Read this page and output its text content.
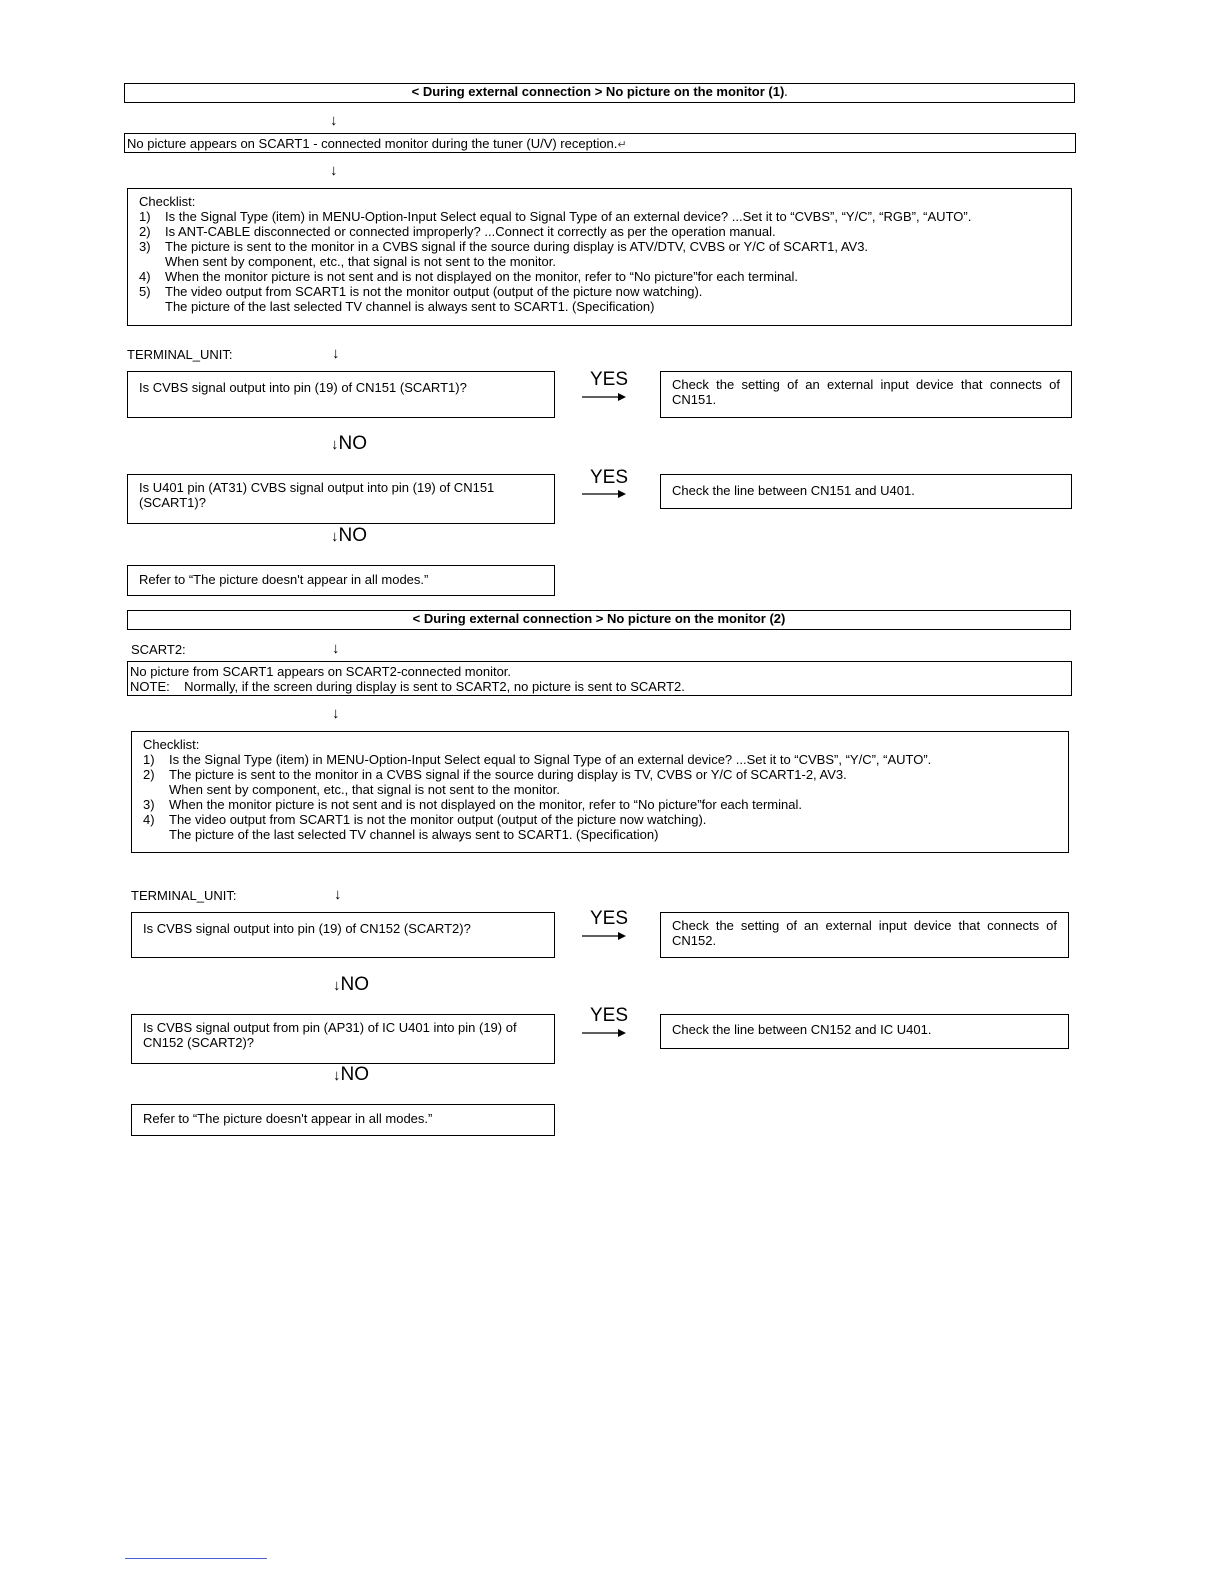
< During external connection > No picture on the monitor (1).
↓
No picture appears on SCART1 - connected monitor during the tuner (U/V) reception.↵
↓
Checklist:
1)	Is the Signal Type (item) in MENU-Option-Input Select equal to Signal Type of an external device? ...Set it to “CVBS”, “Y/C”, “RGB”, “AUTO”.
2)	Is ANT-CABLE disconnected or connected improperly? ...Connect it correctly as per the operation manual.
3)	The picture is sent to the monitor in a CVBS signal if the source during display is ATV/DTV, CVBS or Y/C of SCART1, AV3.
When sent by component, etc., that signal is not sent to the monitor.
4)	When the monitor picture is not sent and is not displayed on the monitor, refer to “No picture”for each terminal.
5)	The video output from SCART1 is not the monitor output (output of the picture now watching).
The picture of the last selected TV channel is always sent to SCART1. (Specification)
TERMINAL_UNIT:	↓
Is CVBS signal output into pin (19) of CN151 (SCART1)?	YES	Check the setting of an external input device that connects of CN151.
↓NO
Is U401 pin (AT31) CVBS signal output into pin (19) of CN151 (SCART1)?
YES
Check the line between CN151 and U401.
↓NO
Refer to “The picture doesn't appear in all modes.”
< During external connection > No picture on the monitor (2)
SCART2:	↓
No picture from SCART1 appears on SCART2-connected monitor.
NOTE:    Normally, if the screen during display is sent to SCART2, no picture is sent to SCART2.
↓
Checklist:
1)	Is the Signal Type (item) in MENU-Option-Input Select equal to Signal Type of an external device? ...Set it to “CVBS”, “Y/C”, “AUTO”.
2)	The picture is sent to the monitor in a CVBS signal if the source during display is TV, CVBS or Y/C of SCART1-2, AV3.
When sent by component, etc., that signal is not sent to the monitor.
3)	When the monitor picture is not sent and is not displayed on the monitor, refer to “No picture”for each terminal.
4)	The video output from SCART1 is not the monitor output (output of the picture now watching).
The picture of the last selected TV channel is always sent to SCART1. (Specification)
TERMINAL_UNIT:	↓
Is CVBS signal output into pin (19) of CN152 (SCART2)?	YES	Check the setting of an external input device that connects of CN152.
↓NO
Is CVBS signal output from pin (AP31) of IC U401 into pin (19) of CN152 (SCART2)?
YES
Check the line between CN152 and IC U401.
↓NO
Refer to “The picture doesn't appear in all modes.”
